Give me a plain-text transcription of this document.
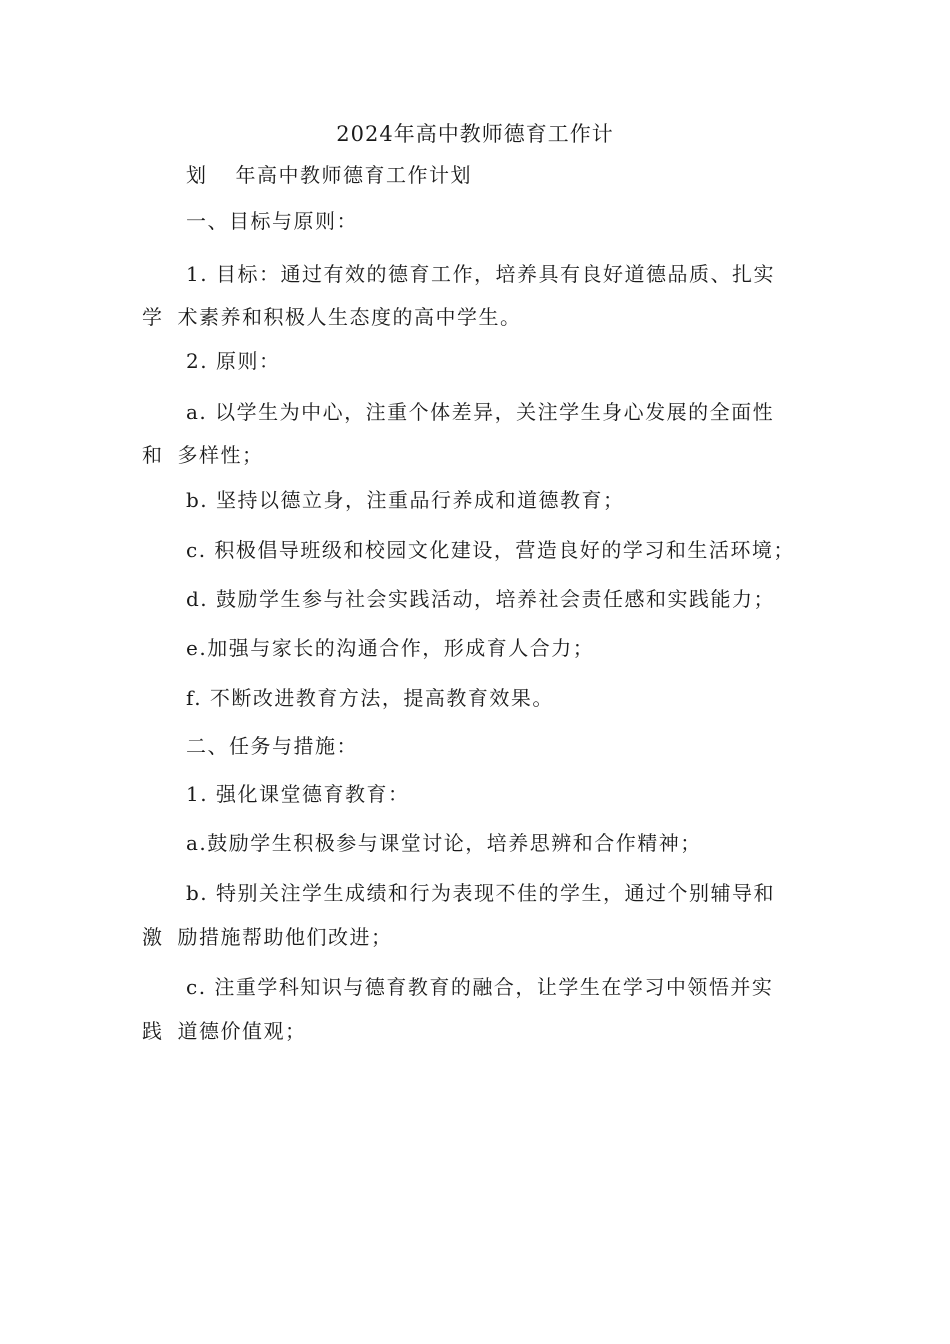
2024年高中教师德育工作计
划 年高中教师德育工作计划
一、目标与原则：
1. 目标：通过有效的德育工作，培养具有良好道德品质、扎实
学 术素养和积极人生态度的高中学生。
2. 原则：
a. 以学生为中心，注重个体差异，关注学生身心发展的全面性
和 多样性；
b. 坚持以德立身，注重品行养成和道德教育；
c. 积极倡导班级和校园文化建设，营造良好的学习和生活环境；
d. 鼓励学生参与社会实践活动，培养社会责任感和实践能力；
e.加强与家长的沟通合作，形成育人合力；
f. 不断改进教育方法，提高教育效果。
二、任务与措施：
1. 强化课堂德育教育：
a.鼓励学生积极参与课堂讨论，培养思辨和合作精神；
b. 特别关注学生成绩和行为表现不佳的学生，通过个别辅导和
激 励措施帮助他们改进；
c. 注重学科知识与德育教育的融合，让学生在学习中领悟并实
践 道德价值观；
